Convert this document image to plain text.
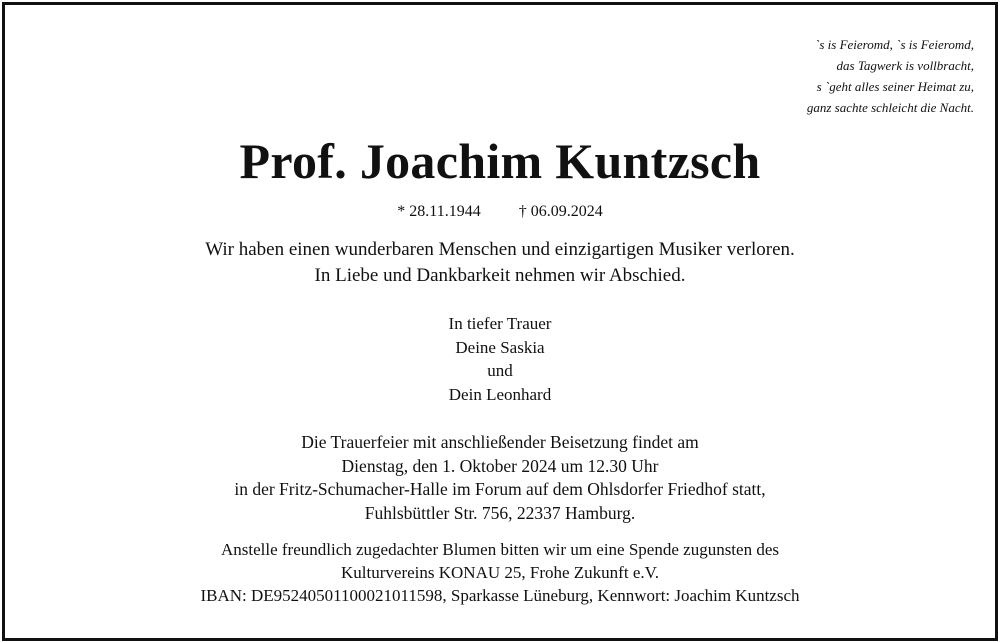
`s is Feieromd, `s is Feieromd,
das Tagwerk is vollbracht,
s `geht alles seiner Heimat zu,
ganz sachte schleicht die Nacht.
Prof. Joachim Kuntzsch
* 28.11.1944 † 06.09.2024
Wir haben einen wunderbaren Menschen und einzigartigen Musiker verloren.
In Liebe und Dankbarkeit nehmen wir Abschied.
In tiefer Trauer
Deine Saskia
und
Dein Leonhard
Die Trauerfeier mit anschließender Beisetzung findet am
Dienstag, den 1. Oktober 2024 um 12.30 Uhr
in der Fritz-Schumacher-Halle im Forum auf dem Ohlsdorfer Friedhof statt,
Fuhlsbüttler Str. 756, 22337 Hamburg.
Anstelle freundlich zugedachter Blumen bitten wir um eine Spende zugunsten des
Kulturvereins KONAU 25, Frohe Zukunft e.V.
IBAN: DE95240501100021011598, Sparkasse Lüneburg, Kennwort: Joachim Kuntzsch
